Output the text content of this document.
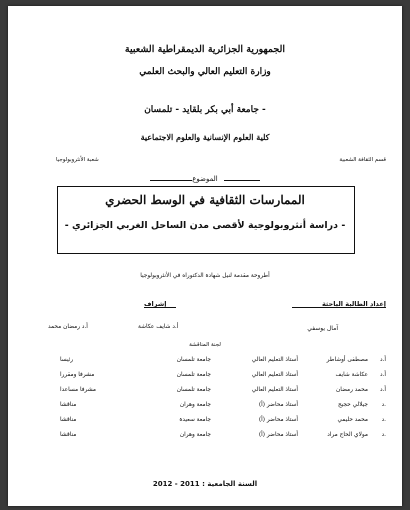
الجمهورية الجزائرية الديمقراطية الشعبية
وزارة التعليم العالي والبحث العلمي
جامعة أبي بكر بلقايد - تلمسان -
كلية العلوم الإنسانية والعلوم الاجتماعية
قسم الثقافة الشعبية
شعبة الأنثروبولوجيا
الموضوع
الممارسات الثقافية في الوسط الحضري
- دراسة أنثروبولوجية لأقصى مدن الساحل الغربي الجزائري -
أطروحة مقدمة لنيل شهادة الدكتوراه في الأنثروبولوجيا
إعداد الطالبة الباحثة
إشراف
آمال يوسفي
أ.د شايف عكاشة
أ.د رمضان محمد
لجنة المناقشة
أ.د
مصطفى أوشاطر
أستاذ التعليم العالي
جامعة تلمسان
رئيسا
أ.د
عكاشة شايف
أستاذ التعليم العالي
جامعة تلمسان
مشرفا ومقررا
أ.د
محمد رمضان
أستاذ التعليم العالي
جامعة تلمسان
مشرفا مساعدا
د.
جيلالي حجيج
أستاذ محاضر (أ)
جامعة وهران
مناقشا
د.
محمد حليمي
أستاذ محاضر (أ)
جامعة سعيدة
مناقشا
د.
مولاي الحاج مراد
أستاذ محاضر (أ)
جامعة وهران
مناقشا
السنة الجامعية : 2011 - 2012
